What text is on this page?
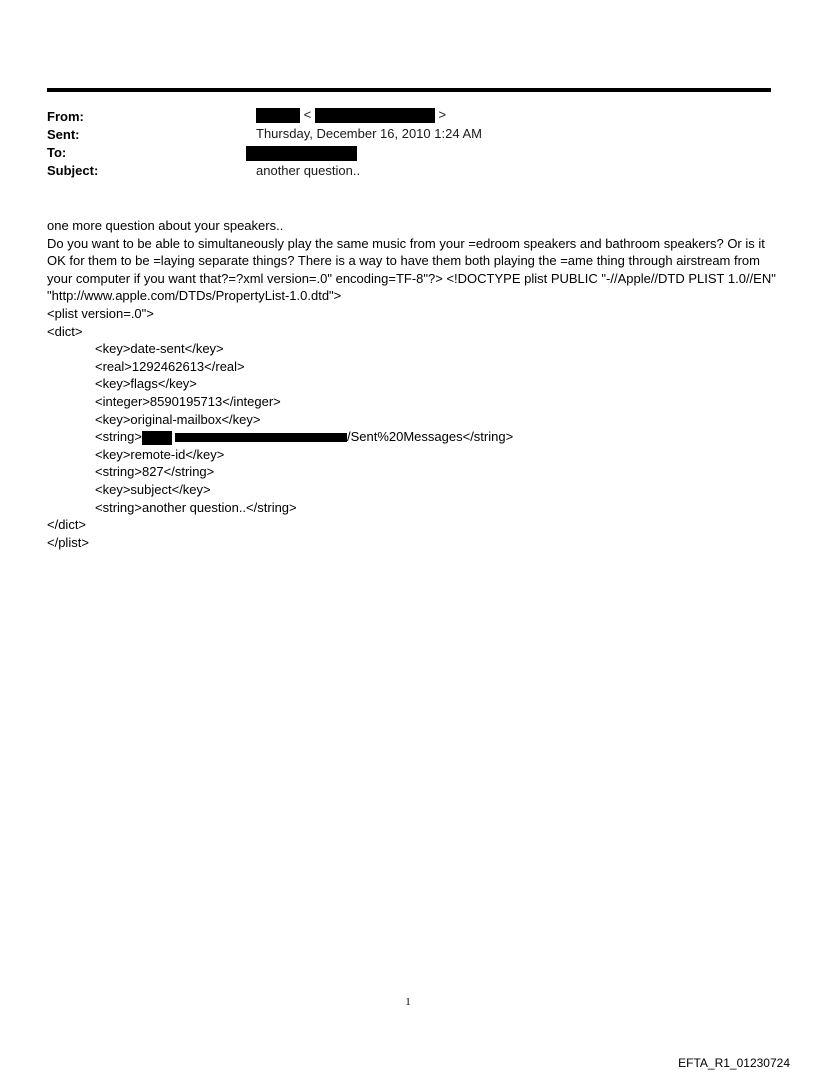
From:	<	>
Sent:	Thursday, December 16, 2010 1:24 AM
To:
Subject:	another question..

one more question about your speakers..

Do you want to be able to simultaneously play the same music from your =edroom speakers and bathroom speakers? Or is it OK for them to be =laying separate things? There is a way to have them both playing the =ame thing through airstream from your computer if you want that?=?xml version=.0" encoding=TF-8"?> <!DOCTYPE plist PUBLIC "-//Apple//DTD PLIST 1.0//EN" "http://www.apple.com/DTDs/PropertyList-1.0.dtd">

<plist version=.0">

<dict>

<key>date-sent</key>

<real>1292462613</real>

<key>flags</key>

<integer>8590195713</integer>

<key>original-mailbox</key>

<string>	/Sent%20Messages</string>

<key>remote-id</key>

<string>827</string>

<key>subject</key>

<string>another question..</string>

</dict>

</plist>

1
EFTA_R1_01230724
